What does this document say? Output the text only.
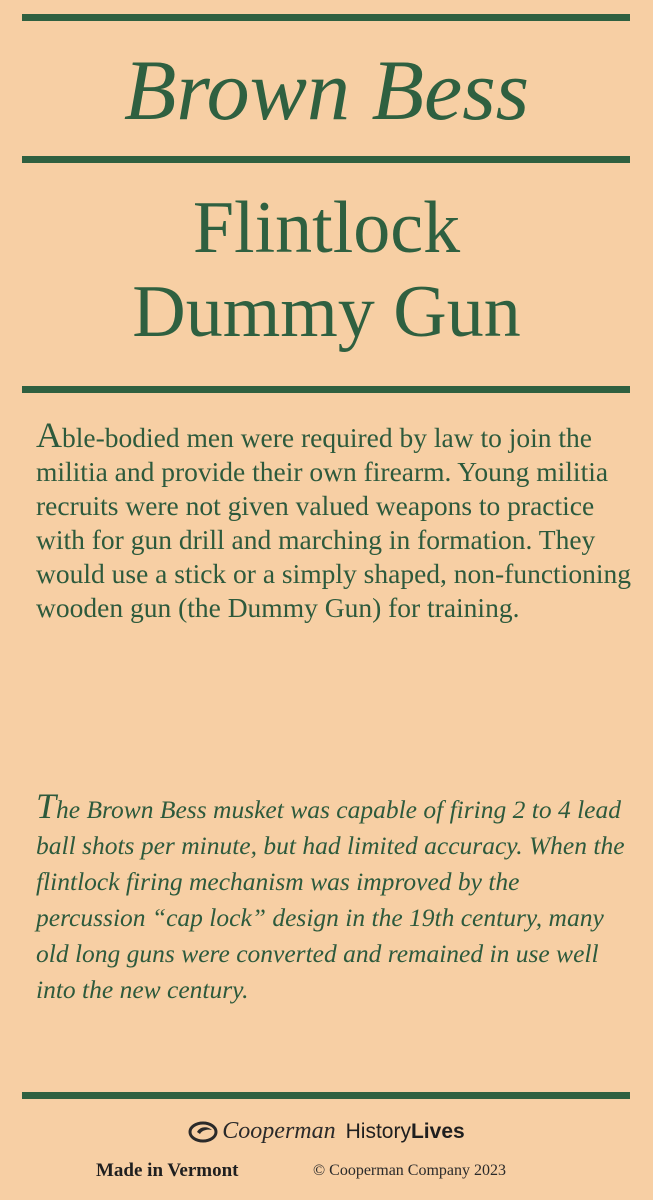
Brown Bess
Flintlock
Dummy Gun

Able-bodied men were required by law to join the militia and provide their own firearm. Young militia recruits were not given valued weapons to practice with for gun drill and marching in formation. They would use a stick or a simply shaped, non-functioning wooden gun (the Dummy Gun) for training.

The Brown Bess musket was capable of firing 2 to 4 lead ball shots per minute, but had limited accuracy. When the flintlock firing mechanism was improved by the percussion “cap lock” design in the 19th century, many old long guns were converted and remained in use well into the new century.

Cooperman HistoryLives
Made in Vermont	© Cooperman Company 2023
